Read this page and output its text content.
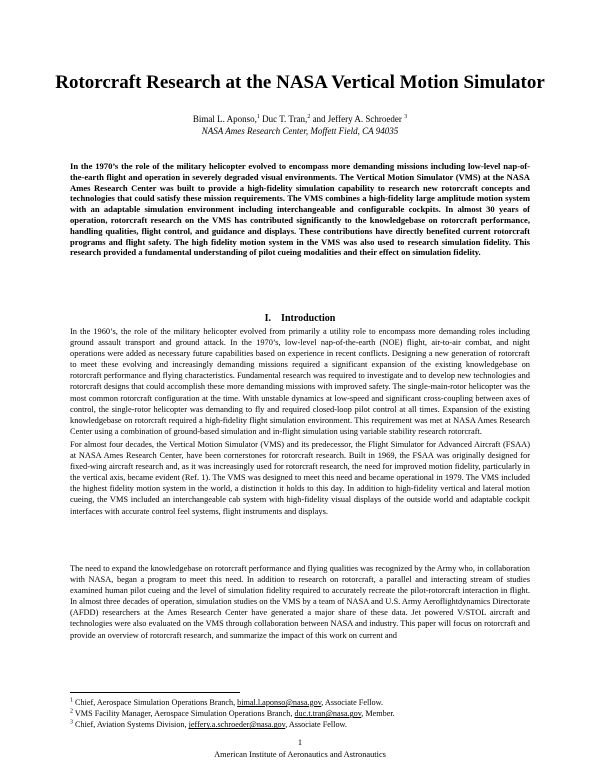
Rotorcraft Research at the NASA Vertical Motion Simulator
Bimal L. Aponso,$^1$ Duc T. Tran,$^2$ and Jeffery A. Schroeder $^3$
NASA Ames Research Center, Moffett Field, CA 94035

In the 1970’s the role of the military helicopter evolved to encompass more demanding missions including low-level nap-of-the-earth flight and operation in severely degraded visual environments. The Vertical Motion Simulator (VMS) at the NASA Ames Research Center was built to provide a high-fidelity simulation capability to research new rotorcraft concepts and technologies that could satisfy these mission requirements. The VMS combines a high-fidelity large amplitude motion system with an adaptable simulation environment including interchangeable and configurable cockpits. In almost 30 years of operation, rotorcraft research on the VMS has contributed significantly to the knowledgebase on rotorcraft performance, handling qualities, flight control, and guidance and displays. These contributions have directly benefited current rotorcraft programs and flight safety. The high fidelity motion system in the VMS was also used to research simulation fidelity. This research provided a fundamental understanding of pilot cueing modalities and their effect on simulation fidelity.

I. Introduction

In the 1960’s, the role of the military helicopter evolved from primarily a utility role to encompass more demanding roles including ground assault transport and ground attack. In the 1970’s, low-level nap-of-the-earth (NOE) flight, air-to-air combat, and night operations were added as necessary future capabilities based on experience in recent conflicts. Designing a new generation of rotorcraft to meet these evolving and increasingly demanding missions required a significant expansion of the existing knowledgebase on rotorcraft performance and flying characteristics. Fundamental research was required to investigate and to develop new technologies and rotorcraft designs that could accomplish these more demanding missions with improved safety. The single-main-rotor helicopter was the most common rotorcraft configuration at the time. With unstable dynamics at low-speed and significant cross-coupling between axes of control, the single-rotor helicopter was demanding to fly and required closed-loop pilot control at all times. Expansion of the existing knowledgebase on rotorcraft required a high-fidelity flight simulation environment. This requirement was met at NASA Ames Research Center using a combination of ground-based simulation and in-flight simulation using variable stability research rotorcraft.

For almost four decades, the Vertical Motion Simulator (VMS) and its predecessor, the Flight Simulator for Advanced Aircraft (FSAA) at NASA Ames Research Center, have been cornerstones for rotorcraft research. Built in 1969, the FSAA was originally designed for fixed-wing aircraft research and, as it was increasingly used for rotorcraft research, the need for improved motion fidelity, particularly in the vertical axis, became evident (Ref. 1). The VMS was designed to meet this need and became operational in 1979. The VMS included the highest fidelity motion system in the world, a distinction it holds to this day. In addition to high-fidelity vertical and lateral motion cueing, the VMS included an interchangeable cab system with high-fidelity visual displays of the outside world and adaptable cockpit interfaces with accurate control feel systems, flight instruments and displays.

The need to expand the knowledgebase on rotorcraft performance and flying qualities was recognized by the Army who, in collaboration with NASA, began a program to meet this need. In addition to research on rotorcraft, a parallel and interacting stream of studies examined human pilot cueing and the level of simulation fidelity required to accurately recreate the pilot-rotorcraft interaction in flight. In almost three decades of operation, simulation studies on the VMS by a team of NASA and U.S. Army Aeroflightdynamics Directorate (AFDD) researchers at the Ames Research Center have generated a major share of these data. Jet powered V/STOL aircraft and technologies were also evaluated on the VMS through collaboration between NASA and industry. This paper will focus on rotorcraft and provide an overview of rotorcraft research, and summarize the impact of this work on current and

$^1$ Chief, Aerospace Simulation Operations Branch, bimal.l.aponso@nasa.gov, Associate Fellow.
$^2$ VMS Facility Manager, Aerospace Simulation Operations Branch, duc.t.tran@nasa.gov, Member.
$^3$ Chief, Aviation Systems Division, jeffery.a.schroeder@nasa.gov, Associate Fellow.
1
American Institute of Aeronautics and Astronautics
